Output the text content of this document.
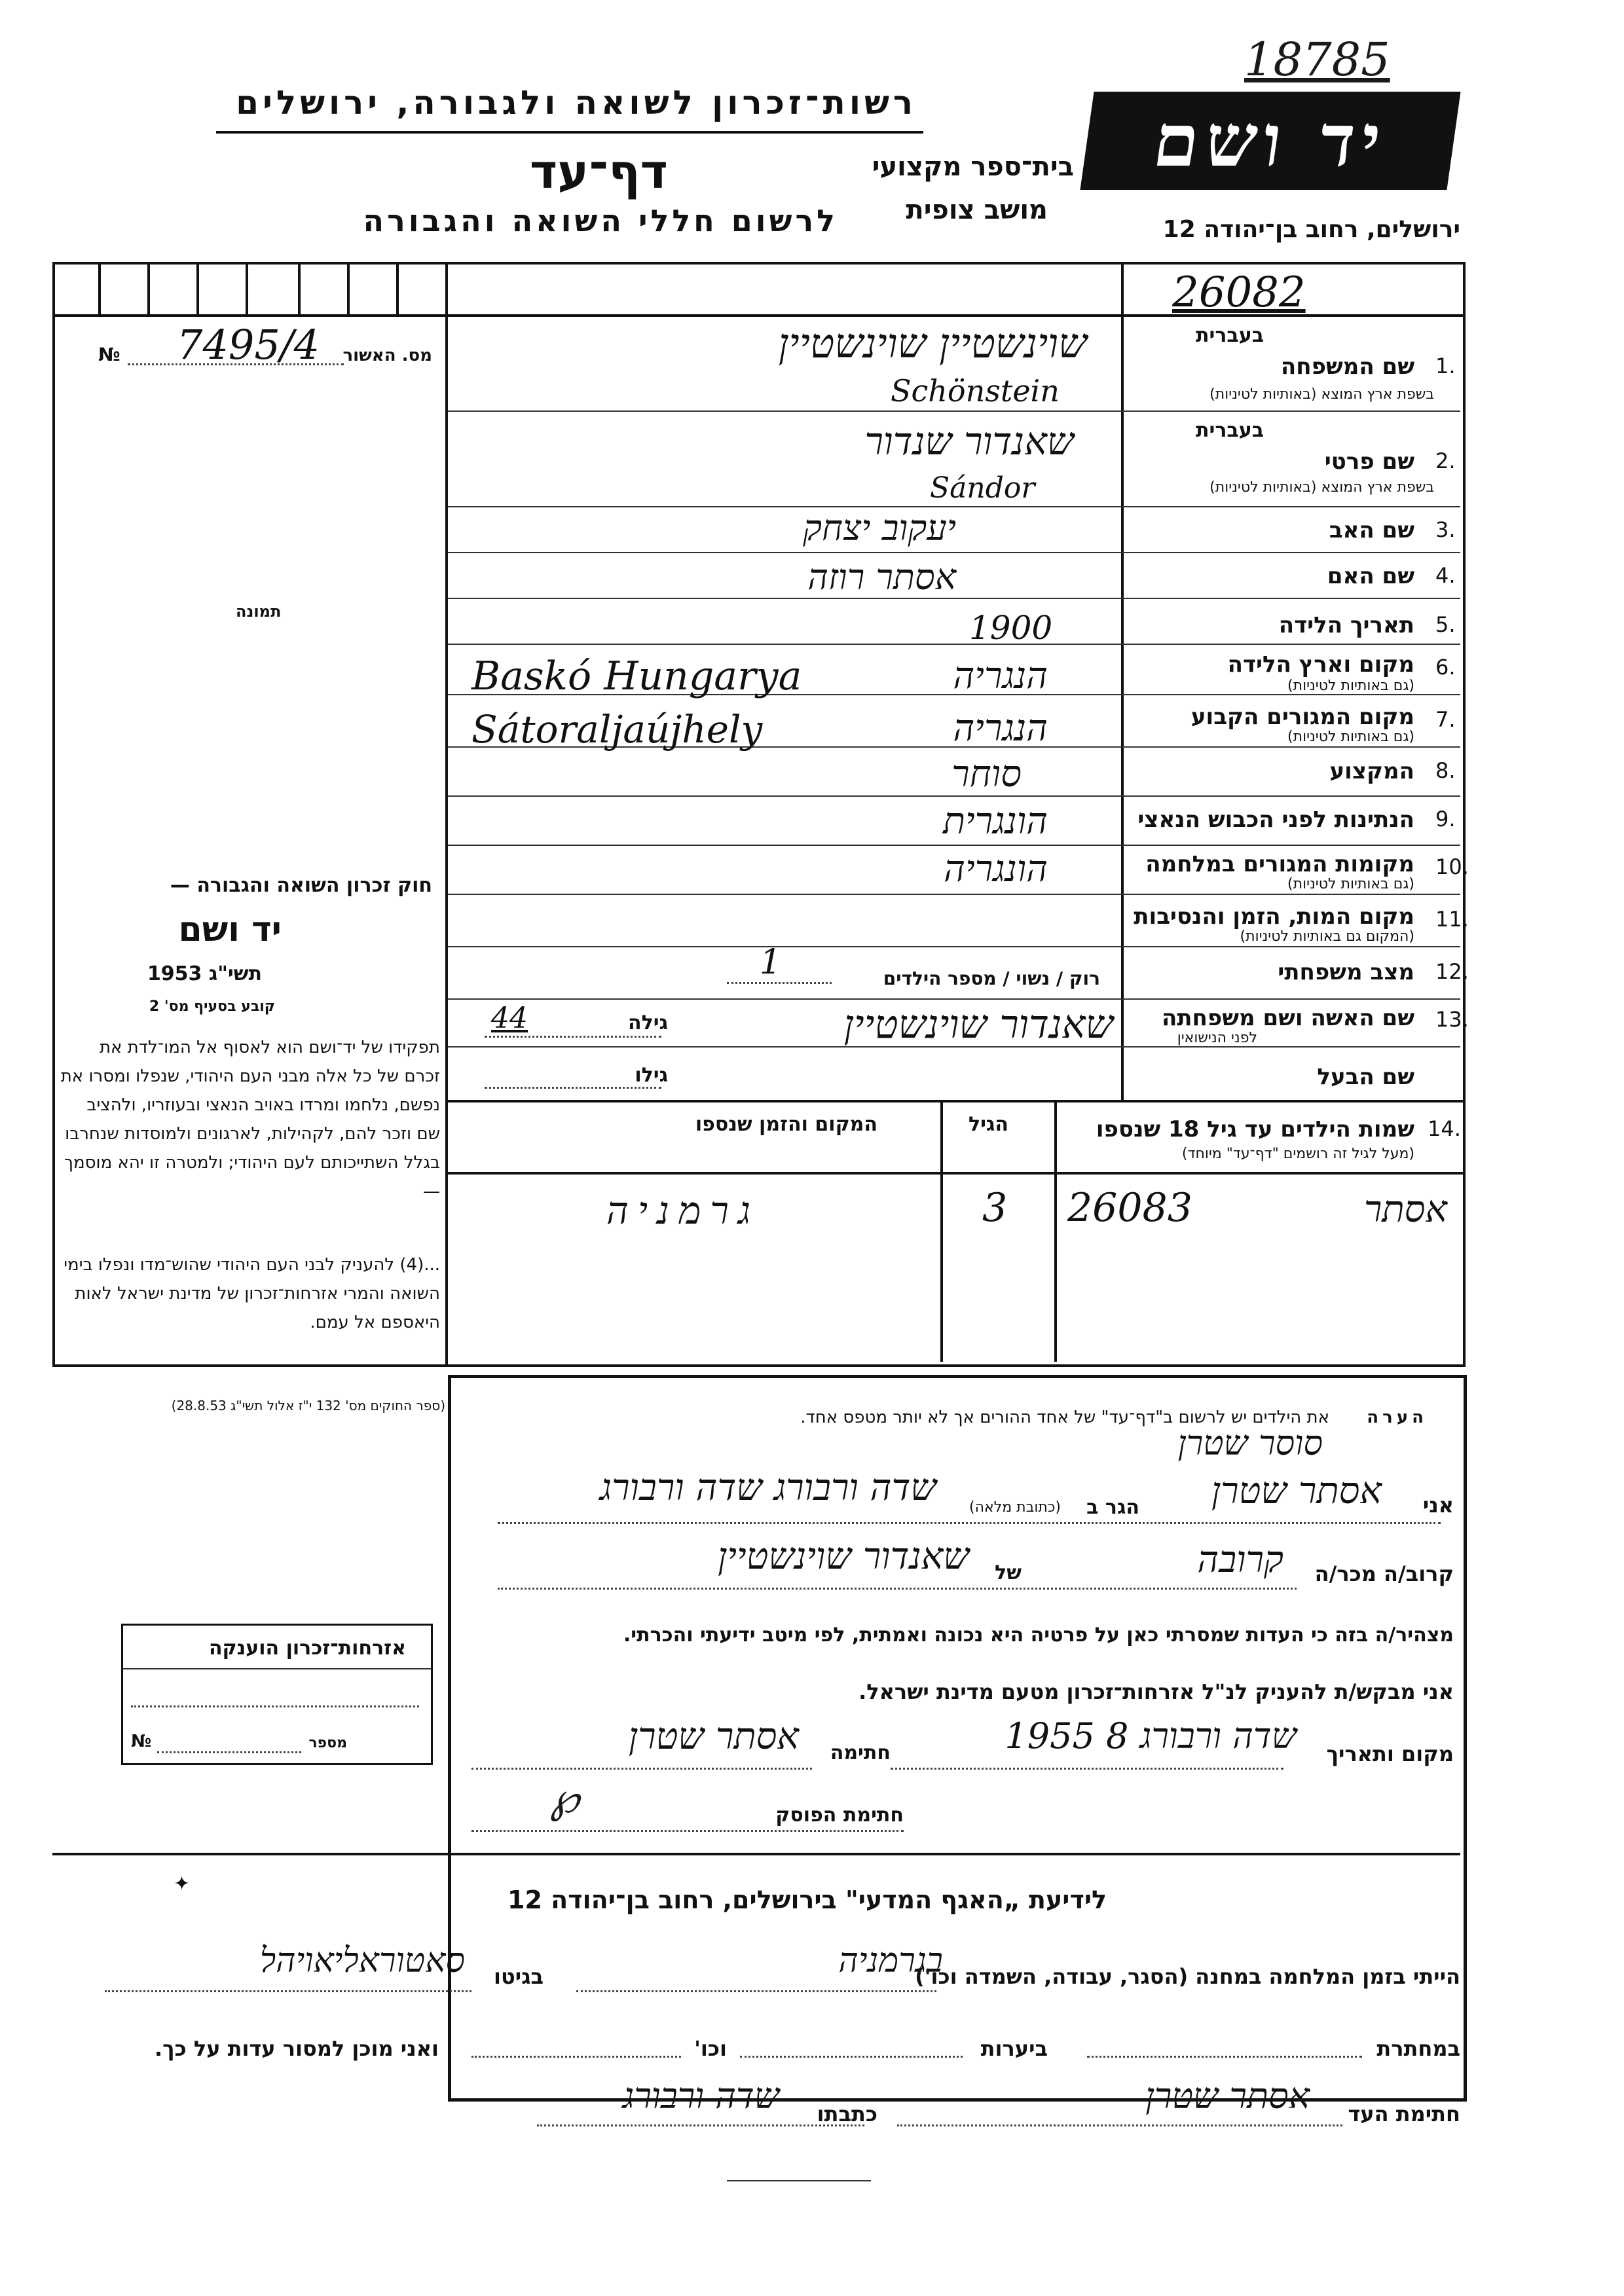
18785
רשות־זכרון לשואה ולגבורה, ירושלים	יד ושם
דף־עד
לרשום חללי השואה והגבורה
בית־ספר מקצועי
מושב צופית
ירושלים, רחוב בן־יהודה 12
26082
מס. האשור
№ 7495/4
תמונה
בעברית
1.
שם המשפחה
בשפת ארץ המוצא (באותיות לטיניות)
שוינשטיין שוינשטיין
Schönstein
בעברית
2.
שם פרטי
בשפת ארץ המוצא (באותיות לטיניות)
שאנדור שנדור
Sándor
3.
שם האב
יעקוב יצחק
4.
שם האם
אסתר רוזה
5.
תאריך הלידה
1900
6.
מקום וארץ הלידה
(גם באותיות לטיניות)
הנגריה
Baskó Hungarya
7.
מקום המגורים הקבוע
(גם באותיות לטיניות)
הנגריה
Sátoraljaújhely
8.
המקצוע
סוחר
9.
הנתינות לפני הכבוש הנאצי
הונגרית
10.
מקומות המגורים במלחמה
(גם באותיות לטיניות)
הונגריה
11.
מקום המות, הזמן והנסיבות
(המקום גם באותיות לטיניות)
12.
מצב משפחתי
רוק / נשוי / מספר הילדים
1
13.
שם האשה ושם משפחתה
לפני הנישואין
שאנדור שוינשטיין
גילה
44
שם הבעל
גילו
14.
שמות הילדים עד גיל 18 שנספו
(מעל לגיל זה רושמים "דף־עד" מיוחד)
הגיל
המקום והזמן שנספו
אסתר
26083
3
גרמניה
חוק זכרון השואה והגבורה —
יד ושם
תשי"ג 1953
קובע בסעיף מס' 2
תפקידו של יד־ושם הוא לאסוף אל המו־לדת את זכרם של כל אלה מבני העם היהודי, שנפלו ומסרו את נפשם, נלחמו ומרדו באויב הנאצי ובעוזריו, ולהציב שם וזכר להם, לקהילות, לארגונים ולמוסדות שנחרבו בגלל השתייכותם לעם היהודי; ולמטרה זו יהא מוסמך —
...(4) להעניק לבני העם היהודי שהוש־מדו ונפלו בימי השואה והמרי אזרחות־זכרון של מדינת ישראל לאות היאספם אל עמם.
(ספר החוקים מס' 132 י"ז אלול תשי"ג 28.8.53)
הערה
את הילדים יש לרשום ב"דף־עד" של אחד ההורים אך לא יותר מטפס אחד.
סוסר שטרן
אני
אסתר שטרן
הגר ב
(כתובת מלאה)
שדה ורבורג שדה ורבורג
קרוב/ה מכר/ה
קרובה
של
שאנדור שוינשטיין
מצהיר/ה בזה כי העדות שמסרתי כאן על פרטיה היא נכונה ואמתית, לפי מיטב ידיעתי והכרתי.
אני מבקש/ת להעניק לנ"ל אזרחות־זכרון מטעם מדינת ישראל.
מקום ותאריך
שדה ורבורג 8 1955
חתימה
אסתר שטרן
℘	חתימת הפוסק
אזרחות־זכרון הוענקה
מספר
№
✦
לידיעת „האגף המדעי" בירושלים, רחוב בן־יהודה 12
הייתי בזמן המלחמה במחנה (הסגר, עבודה, השמדה וכו')
בגרמניה
בגיטו
סאטוראליאויהל
במחתרת
ביערות
וכו'
ואני מוכן למסור עדות על כך.
חתימת העד
אסתר שטרן
כתבתו
שדה ורבורג
